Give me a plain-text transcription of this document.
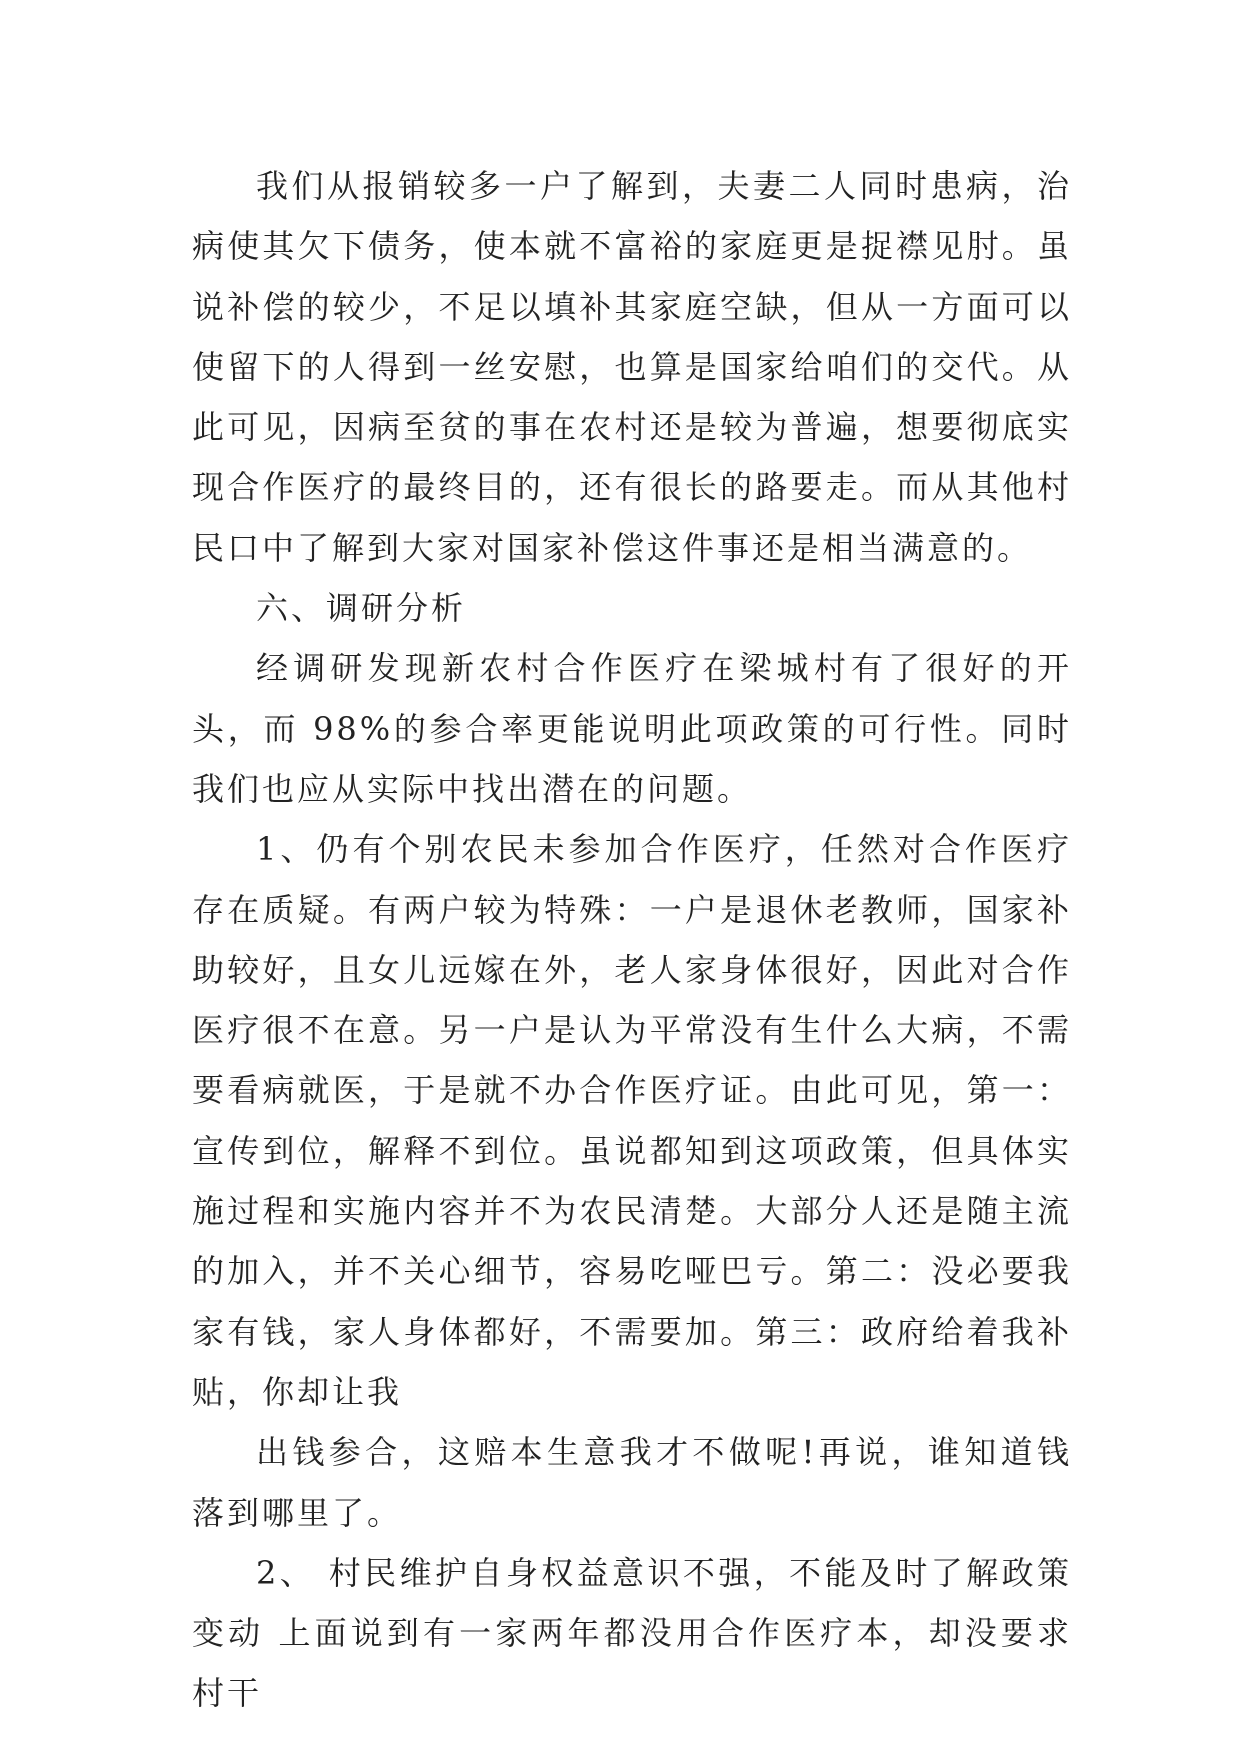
我们从报销较多一户了解到，夫妻二人同时患病，治病使其欠下债务，使本就不富裕的家庭更是捉襟见肘。虽说补偿的较少，不足以填补其家庭空缺，但从一方面可以使留下的人得到一丝安慰，也算是国家给咱们的交代。从此可见，因病至贫的事在农村还是较为普遍，想要彻底实现合作医疗的最终目的，还有很长的路要走。而从其他村民口中了解到大家对国家补偿这件事还是相当满意的。

六、调研分析

经调研发现新农村合作医疗在梁城村有了很好的开头，而 98%的参合率更能说明此项政策的可行性。同时我们也应从实际中找出潜在的问题。

1、仍有个别农民未参加合作医疗，任然对合作医疗存在质疑。有两户较为特殊：一户是退休老教师，国家补助较好，且女儿远嫁在外，老人家身体很好，因此对合作医疗很不在意。另一户是认为平常没有生什么大病，不需要看病就医，于是就不办合作医疗证。由此可见，第一：宣传到位，解释不到位。虽说都知到这项政策，但具体实施过程和实施内容并不为农民清楚。大部分人还是随主流的加入，并不关心细节，容易吃哑巴亏。第二：没必要我家有钱，家人身体都好，不需要加。第三：政府给着我补贴，你却让我

出钱参合，这赔本生意我才不做呢!再说，谁知道钱落到哪里了。

2、 村民维护自身权益意识不强，不能及时了解政策变动 上面说到有一家两年都没用合作医疗本，却没要求村干
